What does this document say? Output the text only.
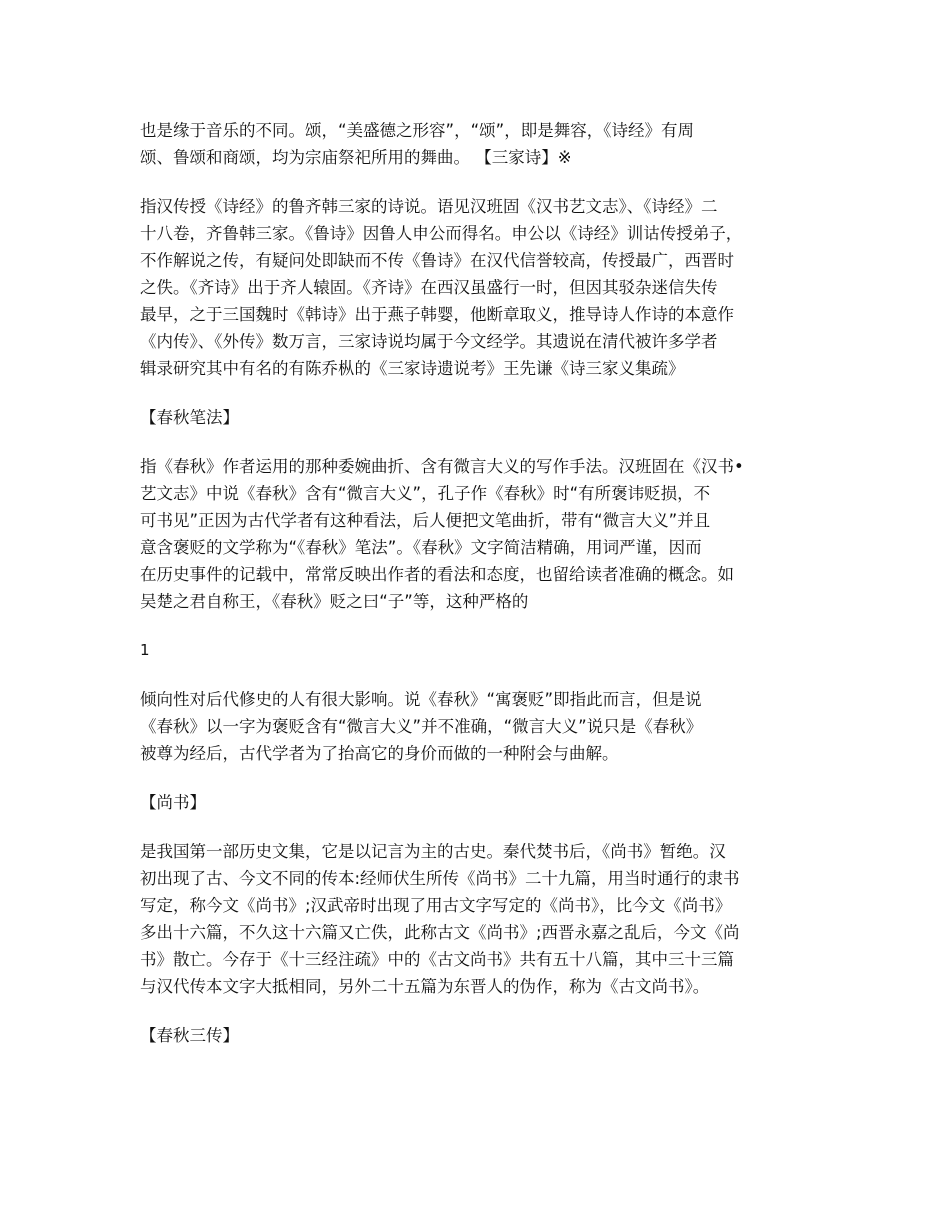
也是缘于音乐的不同。颂，“美盛德之形容”，“颂”，即是舞容，《诗经》有周
颂、鲁颂和商颂，均为宗庙祭祀所用的舞曲。 【三家诗】※
指汉传授《诗经》的鲁齐韩三家的诗说。语见汉班固《汉书艺文志》、《诗经》二
十八卷，齐鲁韩三家。《鲁诗》因鲁人申公而得名。申公以《诗经》训诂传授弟子，
不作解说之传，有疑问处即缺而不传《鲁诗》在汉代信誉较高，传授最广，西晋时
之佚。《齐诗》出于齐人辕固。《齐诗》在西汉虽盛行一时，但因其驳杂迷信失传
最早，之于三国魏时《韩诗》出于燕子韩婴，他断章取义，推导诗人作诗的本意作
《内传》、《外传》数万言，三家诗说均属于今文经学。其遗说在清代被许多学者
辑录研究其中有名的有陈乔枞的《三家诗遗说考》王先谦《诗三家义集疏》
【春秋笔法】
指《春秋》作者运用的那种委婉曲折、含有微言大义的写作手法。汉班固在《汉书•
艺文志》中说《春秋》含有“微言大义”，孔子作《春秋》时“有所褒讳贬损，不
可书见”正因为古代学者有这种看法，后人便把文笔曲折，带有“微言大义”并且
意含褒贬的文学称为“《春秋》笔法”。《春秋》文字简洁精确，用词严谨，因而
在历史事件的记载中，常常反映出作者的看法和态度，也留给读者准确的概念。如
吴楚之君自称王，《春秋》贬之曰“子”等，这种严格的
1
倾向性对后代修史的人有很大影响。说《春秋》“寓褒贬”即指此而言，但是说
《春秋》以一字为褒贬含有“微言大义”并不准确，“微言大义”说只是《春秋》
被尊为经后，古代学者为了抬高它的身价而做的一种附会与曲解。
【尚书】
是我国第一部历史文集，它是以记言为主的古史。秦代焚书后，《尚书》暂绝。汉
初出现了古、今文不同的传本:经师伏生所传《尚书》二十九篇，用当时通行的隶书
写定，称今文《尚书》;汉武帝时出现了用古文字写定的《尚书》，比今文《尚书》
多出十六篇，不久这十六篇又亡佚，此称古文《尚书》;西晋永嘉之乱后，今文《尚
书》散亡。今存于《十三经注疏》中的《古文尚书》共有五十八篇，其中三十三篇
与汉代传本文字大抵相同，另外二十五篇为东晋人的伪作，称为《古文尚书》。
【春秋三传】
